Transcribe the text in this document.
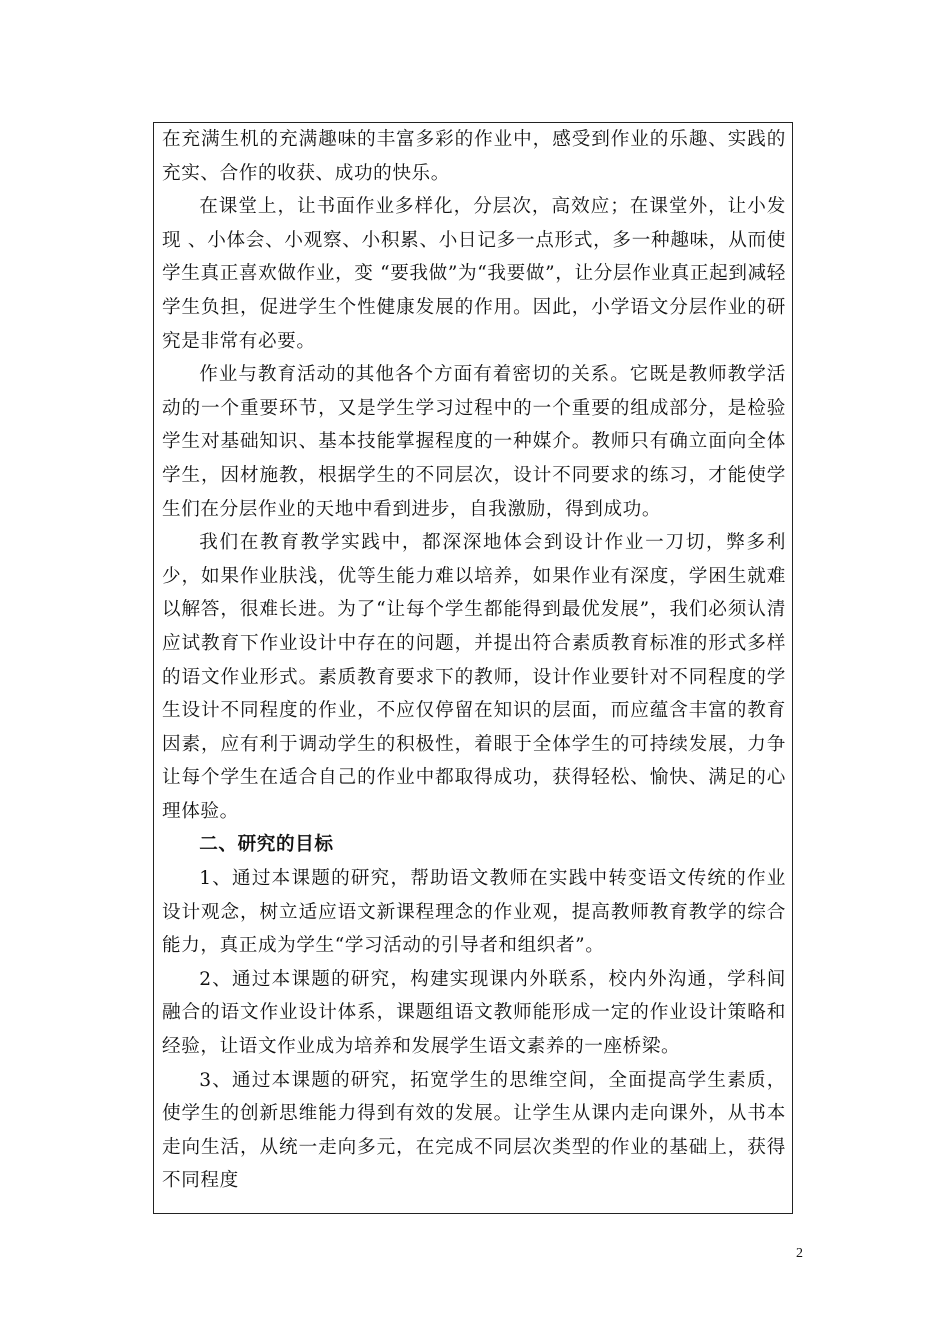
在充满生机的充满趣味的丰富多彩的作业中，感受到作业的乐趣、实践的充实、合作的收获、成功的快乐。

在课堂上，让书面作业多样化，分层次，高效应；在课堂外，让小发现 、小体会、小观察、小积累、小日记多一点形式，多一种趣味，从而使学生真正喜欢做作业，变 “要我做”为“我要做”，让分层作业真正起到减轻学生负担，促进学生个性健康发展的作用。因此，小学语文分层作业的研究是非常有必要。

作业与教育活动的其他各个方面有着密切的关系。它既是教师教学活动的一个重要环节，又是学生学习过程中的一个重要的组成部分，是检验学生对基础知识、基本技能掌握程度的一种媒介。教师只有确立面向全体学生，因材施教，根据学生的不同层次，设计不同要求的练习，才能使学生们在分层作业的天地中看到进步，自我激励，得到成功。

我们在教育教学实践中，都深深地体会到设计作业一刀切，弊多利少，如果作业肤浅，优等生能力难以培养，如果作业有深度，学困生就难以解答，很难长进。为了“让每个学生都能得到最优发展”，我们必须认清应试教育下作业设计中存在的问题，并提出符合素质教育标准的形式多样的语文作业形式。素质教育要求下的教师，设计作业要针对不同程度的学生设计不同程度的作业，不应仅停留在知识的层面，而应蕴含丰富的教育因素，应有利于调动学生的积极性，着眼于全体学生的可持续发展，力争让每个学生在适合自己的作业中都取得成功，获得轻松、愉快、满足的心理体验。

二、研究的目标

1、通过本课题的研究，帮助语文教师在实践中转变语文传统的作业设计观念，树立适应语文新课程理念的作业观，提高教师教育教学的综合能力，真正成为学生“学习活动的引导者和组织者”。

2、通过本课题的研究，构建实现课内外联系，校内外沟通，学科间融合的语文作业设计体系，课题组语文教师能形成一定的作业设计策略和经验，让语文作业成为培养和发展学生语文素养的一座桥梁。

3、通过本课题的研究，拓宽学生的思维空间，全面提高学生素质，使学生的创新思维能力得到有效的发展。让学生从课内走向课外，从书本走向生活，从统一走向多元，在完成不同层次类型的作业的基础上，获得不同程度

2
